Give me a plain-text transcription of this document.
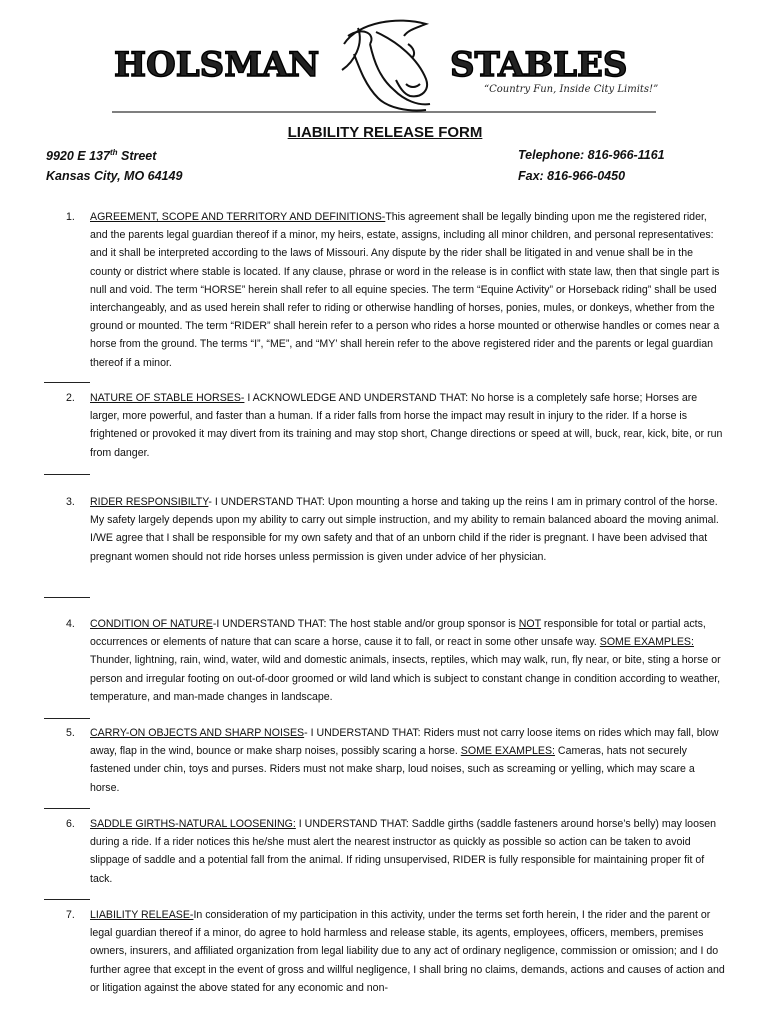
HOLSMAN	STABLES
“Country Fun, Inside City Limits!”
LIABILITY RELEASE FORM
9920 E 137th Street
Kansas City, MO 64149
Telephone: 816-966-1161
Fax: 816-966-0450
1. AGREEMENT, SCOPE AND TERRITORY AND DEFINITIONS-This agreement shall be legally binding upon me the registered rider, and the parents legal guardian thereof if a minor, my heirs, estate, assigns, including all minor children, and personal representatives: and it shall be interpreted according to the laws of Missouri. Any dispute by the rider shall be litigated in and venue shall be in the county or district where stable is located. If any clause, phrase or word in the release is in conflict with state law, then that single part is null and void. The term “HORSE” herein shall refer to all equine species. The term “Equine Activity” or Horseback riding” shall be used interchangeably, and as used herein shall refer to riding or otherwise handling of horses, ponies, mules, or donkeys, whether from the ground or mounted. The term “RIDER” shall herein refer to a person who rides a horse mounted or otherwise handles or comes near a horse from the ground. The terms “I”, “ME”, and “MY’ shall herein refer to the above registered rider and the parents or legal guardian thereof if a minor.
2. NATURE OF STABLE HORSES- I ACKNOWLEDGE AND UNDERSTAND THAT: No horse is a completely safe horse; Horses are larger, more powerful, and faster than a human. If a rider falls from horse the impact may result in injury to the rider. If a horse is frightened or provoked it may divert from its training and may stop short, Change directions or speed at will, buck, rear, kick, bite, or run from danger.
3. RIDER RESPONSIBILTY- I UNDERSTAND THAT: Upon mounting a horse and taking up the reins I am in primary control of the horse. My safety largely depends upon my ability to carry out simple instruction, and my ability to remain balanced aboard the moving animal. I/WE agree that I shall be responsible for my own safety and that of an unborn child if the rider is pregnant. I have been advised that pregnant women should not ride horses unless permission is given under advice of her physician.
4. CONDITION OF NATURE-I UNDERSTAND THAT: The host stable and/or group sponsor is NOT responsible for total or partial acts, occurrences or elements of nature that can scare a horse, cause it to fall, or react in some other unsafe way. SOME EXAMPLES: Thunder, lightning, rain, wind, water, wild and domestic animals, insects, reptiles, which may walk, run, fly near, or bite, sting a horse or person and irregular footing on out-of-door groomed or wild land which is subject to constant change in condition according to weather, temperature, and man-made changes in landscape.
5. CARRY-ON OBJECTS AND SHARP NOISES- I UNDERSTAND THAT: Riders must not carry loose items on rides which may fall, blow away, flap in the wind, bounce or make sharp noises, possibly scaring a horse. SOME EXAMPLES: Cameras, hats not securely fastened under chin, toys and purses. Riders must not make sharp, loud noises, such as screaming or yelling, which may scare a horse.
6. SADDLE GIRTHS-NATURAL LOOSENING: I UNDERSTAND THAT: Saddle girths (saddle fasteners around horse’s belly) may loosen during a ride. If a rider notices this he/she must alert the nearest instructor as quickly as possible so action can be taken to avoid slippage of saddle and a potential fall from the animal. If riding unsupervised, RIDER is fully responsible for maintaining proper fit of tack.
7. LIABILITY RELEASE-In consideration of my participation in this activity, under the terms set forth herein, I the rider and the parent or legal guardian thereof if a minor, do agree to hold harmless and release stable, its agents, employees, officers, members, premises owners, insurers, and affiliated organization from legal liability due to any act of ordinary negligence, commission or omission; and I do further agree that except in the event of gross and willful negligence, I shall bring no claims, demands, actions and causes of action and or litigation against the above stated for any economic and non-
